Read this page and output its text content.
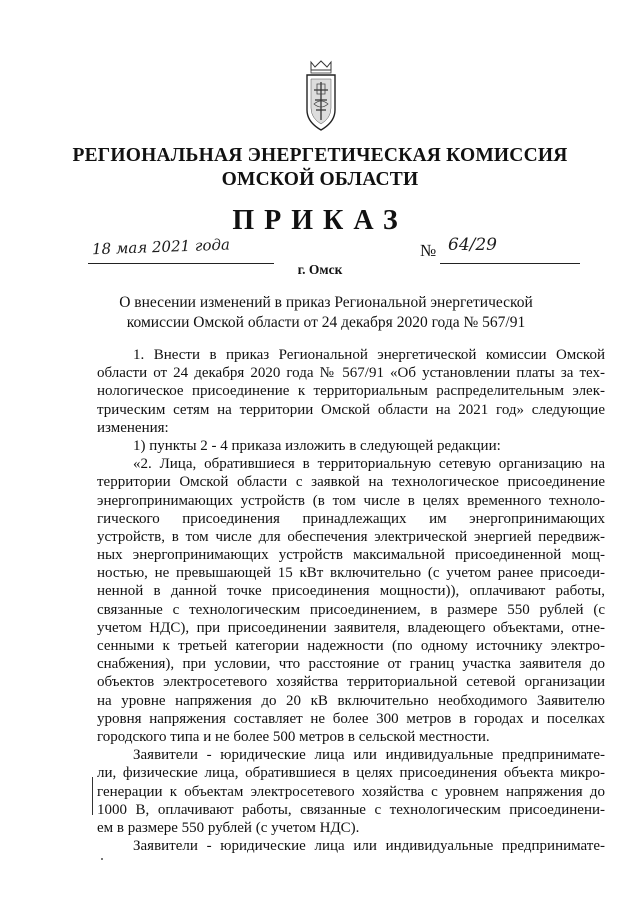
РЕГИОНАЛЬНАЯ ЭНЕРГЕТИЧЕСКАЯ КОМИССИЯ
ОМСКОЙ ОБЛАСТИ
ПРИКАЗ
18 мая 2021 года	№ 64/29
г. Омск
О внесении изменений в приказ Региональной энергетической
комиссии Омской области от 24 декабря 2020 года № 567/91
1. Внести в приказ Региональной энергетической комиссии Омской
области от 24 декабря 2020 года № 567/91 «Об установлении платы за тех-
нологическое присоединение к территориальным распределительным элек-
трическим сетям на территории Омской области на 2021 год» следующие
изменения:
1) пункты 2 - 4 приказа изложить в следующей редакции:
«2. Лица, обратившиеся в территориальную сетевую организацию на
территории Омской области с заявкой на технологическое присоединение
энергопринимающих устройств (в том числе в целях временного техноло-
гического присоединения принадлежащих им энергопринимающих
устройств, в том числе для обеспечения электрической энергией передвиж-
ных энергопринимающих устройств максимальной присоединенной мощ-
ностью, не превышающей 15 кВт включительно (с учетом ранее присоеди-
ненной в данной точке присоединения мощности)), оплачивают работы,
связанные с технологическим присоединением, в размере 550 рублей (с
учетом НДС), при присоединении заявителя, владеющего объектами, отне-
сенными к третьей категории надежности (по одному источнику электро-
снабжения), при условии, что расстояние от границ участка заявителя до
объектов электросетевого хозяйства территориальной сетевой организации
на уровне напряжения до 20 кВ включительно необходимого Заявителю
уровня напряжения составляет не более 300 метров в городах и поселках
городского типа и не более 500 метров в сельской местности.
Заявители - юридические лица или индивидуальные предпринимате-
ли, физические лица, обратившиеся в целях присоединения объекта микро-
генерации к объектам электросетевого хозяйства с уровнем напряжения до
1000 В, оплачивают работы, связанные с технологическим присоединени-
ем в размере 550 рублей (с учетом НДС).
Заявители - юридические лица или индивидуальные предпринимате-
